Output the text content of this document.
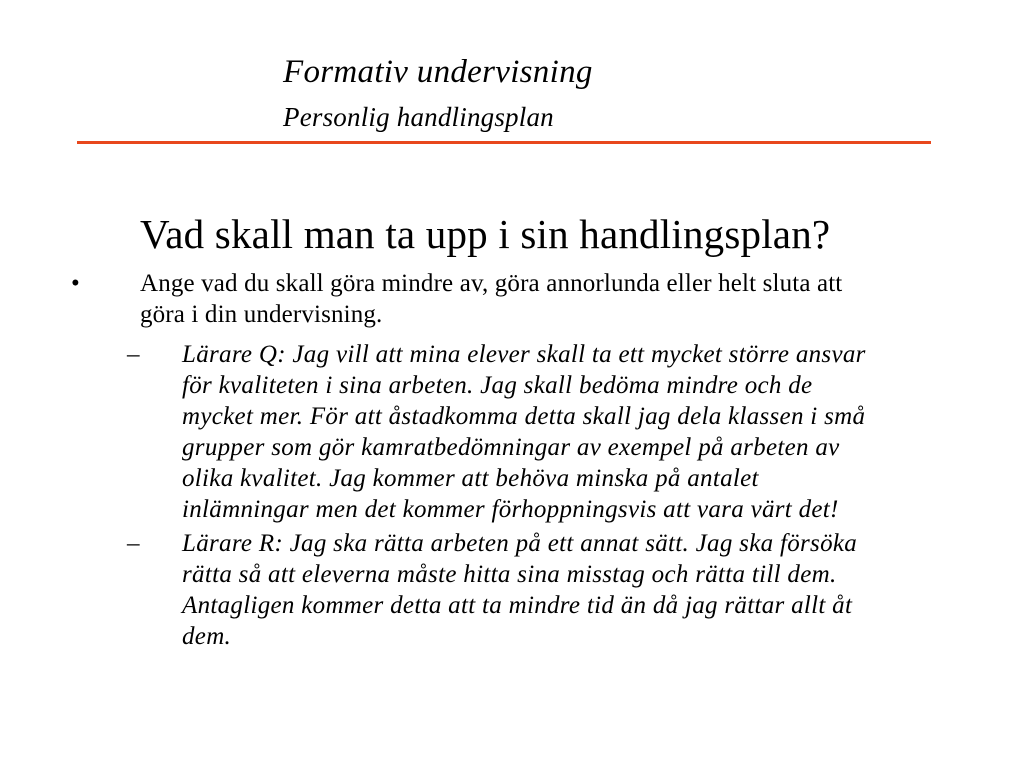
Formativ undervisning
Personlig handlingsplan
Vad skall man ta upp i sin handlingsplan?
• Ange vad du skall göra mindre av, göra annorlunda eller helt sluta att
göra i din undervisning.
– Lärare Q: Jag vill att mina elever skall ta ett mycket större ansvar
för kvaliteten i sina arbeten. Jag skall bedöma mindre och de
mycket mer. För att åstadkomma detta skall jag dela klassen i små
grupper som gör kamratbedömningar av exempel på arbeten av
olika kvalitet. Jag kommer att behöva minska på antalet
inlämningar men det kommer förhoppningsvis att vara värt det!
– Lärare R: Jag ska rätta arbeten på ett annat sätt. Jag ska försöka
rätta så att eleverna måste hitta sina misstag och rätta till dem.
Antagligen kommer detta att ta mindre tid än då jag rättar allt åt
dem.
